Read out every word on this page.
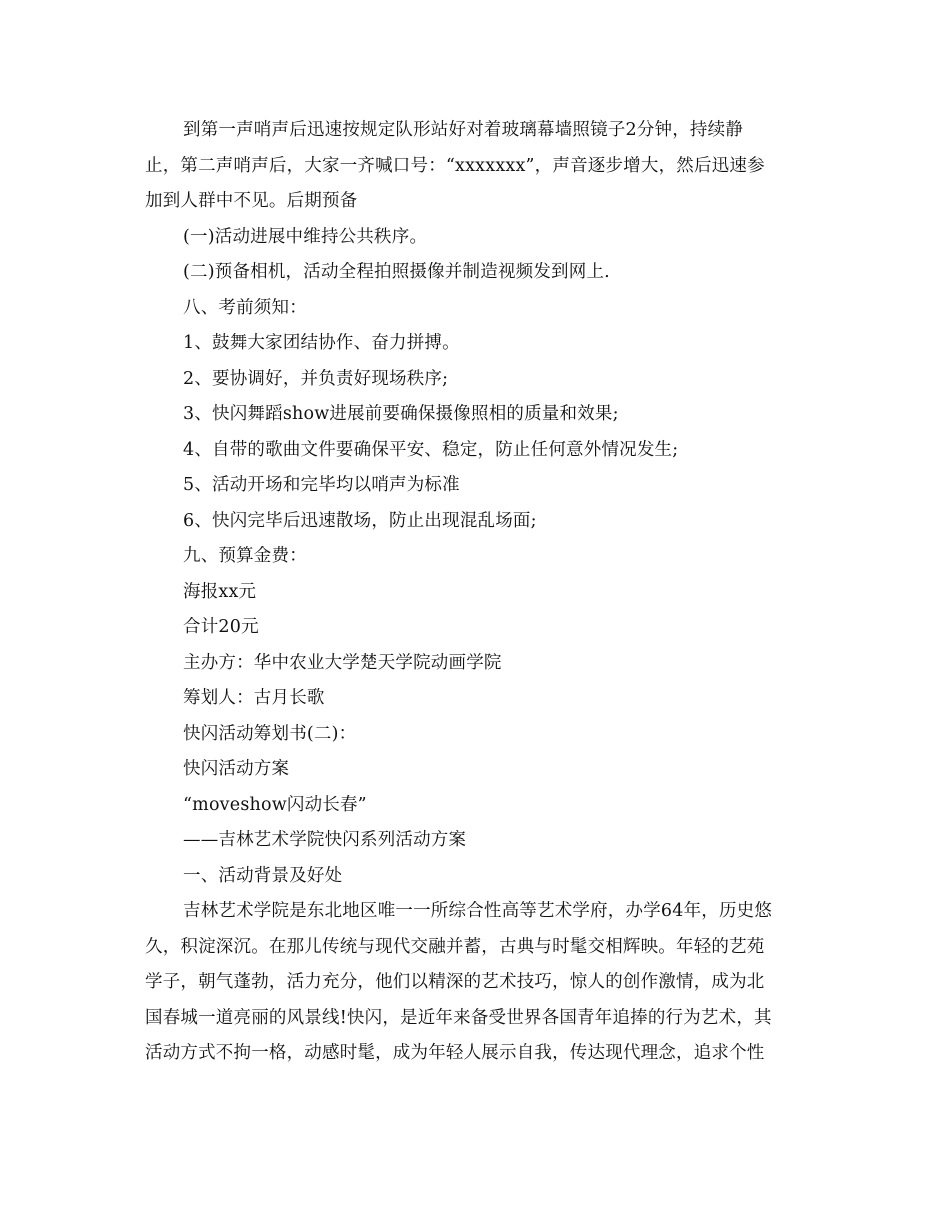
到第一声哨声后迅速按规定队形站好对着玻璃幕墙照镜子2分钟，持续静
止，第二声哨声后，大家一齐喊口号：“xxxxxxx”，声音逐步增大，然后迅速参
加到人群中不见。后期预备
(一)活动进展中维持公共秩序。
(二)预备相机，活动全程拍照摄像并制造视频发到网上.
八、考前须知：
1、鼓舞大家团结协作、奋力拼搏。
2、要协调好，并负责好现场秩序;
3、快闪舞蹈show进展前要确保摄像照相的质量和效果;
4、自带的歌曲文件要确保平安、稳定，防止任何意外情况发生;
5、活动开场和完毕均以哨声为标准
6、快闪完毕后迅速散场，防止出现混乱场面;
九、预算金费：
海报xx元
合计20元
主办方：华中农业大学楚天学院动画学院
筹划人：古月长歌
快闪活动筹划书(二)：
快闪活动方案
“moveshow闪动长春”
——吉林艺术学院快闪系列活动方案
一、活动背景及好处
吉林艺术学院是东北地区唯一一所综合性高等艺术学府，办学64年，历史悠
久，积淀深沉。在那儿传统与现代交融并蓄，古典与时髦交相辉映。年轻的艺苑
学子，朝气蓬勃，活力充分，他们以精深的艺术技巧，惊人的创作激情，成为北
国春城一道亮丽的风景线!快闪，是近年来备受世界各国青年追捧的行为艺术，其
活动方式不拘一格，动感时髦，成为年轻人展示自我，传达现代理念，追求个性
